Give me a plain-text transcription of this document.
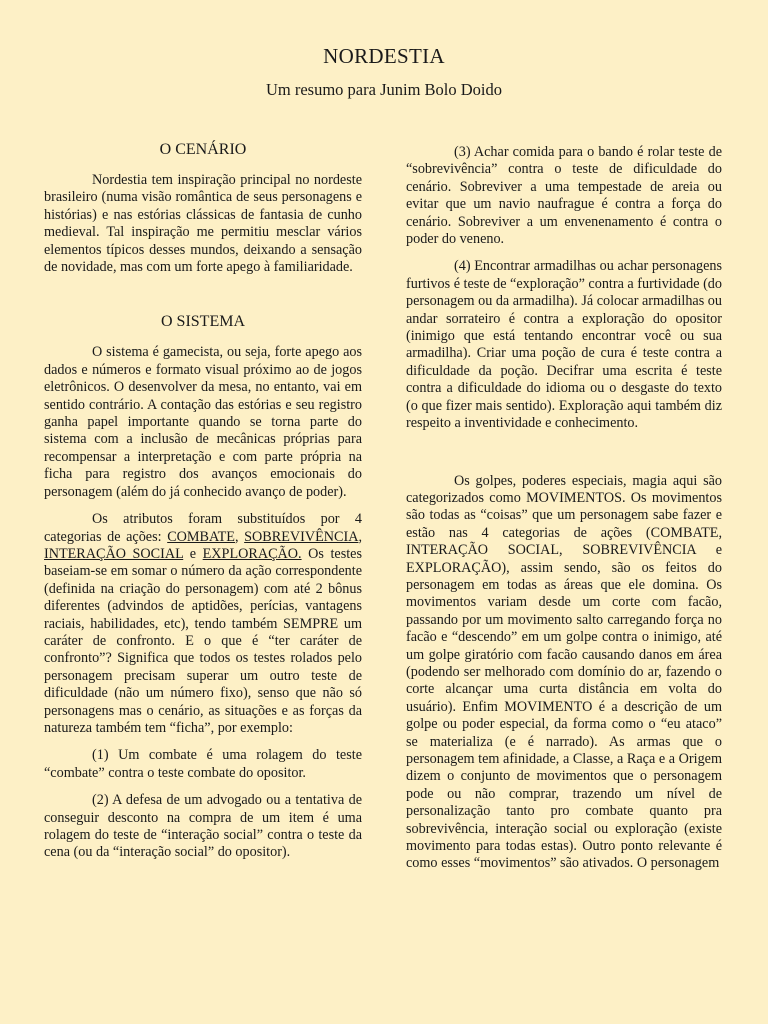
NORDESTIA
Um resumo para Junim Bolo Doido
O CENÁRIO

Nordestia tem inspiração principal no nordeste brasileiro (numa visão romântica de seus personagens e histórias) e nas estórias clássicas de fantasia de cunho medieval. Tal inspiração me permitiu mesclar vários elementos típicos desses mundos, deixando a sensação de novidade, mas com um forte apego à familiaridade.

O SISTEMA

O sistema é gamecista, ou seja, forte apego aos dados e números e formato visual próximo ao de jogos eletrônicos. O desenvolver da mesa, no entanto, vai em sentido contrário. A contação das estórias e seu registro ganha papel importante quando se torna parte do sistema com a inclusão de mecânicas próprias para recompensar a interpretação e com parte própria na ficha para registro dos avanços emocionais do personagem (além do já conhecido avanço de poder).

Os atributos foram substituídos por 4 categorias de ações: COMBATE, SOBREVIVÊNCIA, INTERAÇÃO SOCIAL e EXPLORAÇÃO. Os testes baseiam-se em somar o número da ação correspondente (definida na criação do personagem) com até 2 bônus diferentes (advindos de aptidões, perícias, vantagens raciais, habilidades, etc), tendo também SEMPRE um caráter de confronto. E o que é “ter caráter de confronto”? Significa que todos os testes rolados pelo personagem precisam superar um outro teste de dificuldade (não um número fixo), senso que não só personagens mas o cenário, as situações e as forças da natureza também tem “ficha”, por exemplo:

(1) Um combate é uma rolagem do teste “combate” contra o teste combate do opositor.

(2) A defesa de um advogado ou a tentativa de conseguir desconto na compra de um item é uma rolagem do teste de “interação social” contra o teste da cena (ou da “interação social” do opositor).

(3) Achar comida para o bando é rolar teste de “sobrevivência” contra o teste de dificuldade do cenário. Sobreviver a uma tempestade de areia ou evitar que um navio naufrague é contra a força do cenário. Sobreviver a um envenenamento é contra o poder do veneno.

(4) Encontrar armadilhas ou achar personagens furtivos é teste de “exploração” contra a furtividade (do personagem ou da armadilha). Já colocar armadilhas ou andar sorrateiro é contra a exploração do opositor (inimigo que está tentando encontrar você ou sua armadilha). Criar uma poção de cura é teste contra a dificuldade da poção. Decifrar uma escrita é teste contra a dificuldade do idioma ou o desgaste do texto (o que fizer mais sentido). Exploração aqui também diz respeito a inventividade e conhecimento.

Os golpes, poderes especiais, magia aqui são categorizados como MOVIMENTOS. Os movimentos são todas as “coisas” que um personagem sabe fazer e estão nas 4 categorias de ações (COMBATE, INTERAÇÃO SOCIAL, SOBREVIVÊNCIA e EXPLORAÇÃO), assim sendo, são os feitos do personagem em todas as áreas que ele domina. Os movimentos variam desde um corte com facão, passando por um movimento salto carregando força no facão e “descendo” em um golpe contra o inimigo, até um golpe giratório com facão causando danos em área (podendo ser melhorado com domínio do ar, fazendo o corte alcançar uma curta distância em volta do usuário). Enfim MOVIMENTO é a descrição de um golpe ou poder especial, da forma como o “eu ataco” se materializa (e é narrado). As armas que o personagem tem afinidade, a Classe, a Raça e a Origem dizem o conjunto de movimentos que o personagem pode ou não comprar, trazendo um nível de personalização tanto pro combate quanto pra sobrevivência, interação social ou exploração (existe movimento para todas estas). Outro ponto relevante é como esses “movimentos” são ativados. O personagem
